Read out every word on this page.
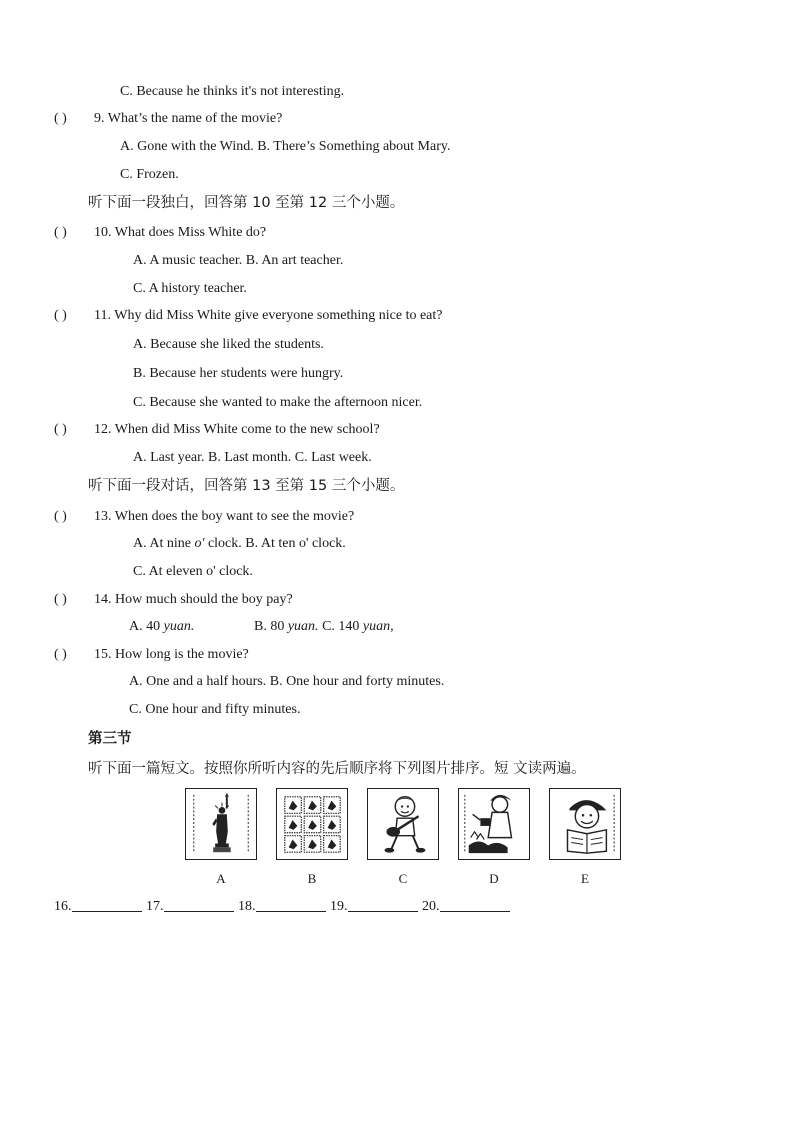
C. Because he thinks it's not interesting.
( ) 9. What’s the name of the movie?
A. Gone with the Wind. B. There’s Something about Mary.
C. Frozen.
听下面一段独白，回答第 10 至第 12 三个小题。
( ) 10. What does Miss White do?
A. A music teacher. B. An art teacher.
C. A history teacher.
( ) 11. Why did Miss White give everyone something nice to eat?
A. Because she liked the students.
B. Because her students were hungry.
C. Because she wanted to make the afternoon nicer.
( ) 12. When did Miss White come to the new school?
A. Last year. B. Last month. C. Last week.
听下面一段对话，回答第 13 至第 15 三个小题。
( ) 13. When does the boy want to see the movie?
A. At nine o' clock. B. At ten o' clock.
C. At eleven o' clock.
( ) 14. How much should the boy pay?
A. 40 yuan.	B. 80 yuan. C. 140 yuan,
( ) 15. How long is the movie?
A. One and a half hours. B. One hour and forty minutes.
C. One hour and fifty minutes.
第三节
听下面一篇短文。按照你所听内容的先后顺序将下列图片排序。短 文读两遍。
A	B	C	D	E
16.	17.	18.	19.	20.
